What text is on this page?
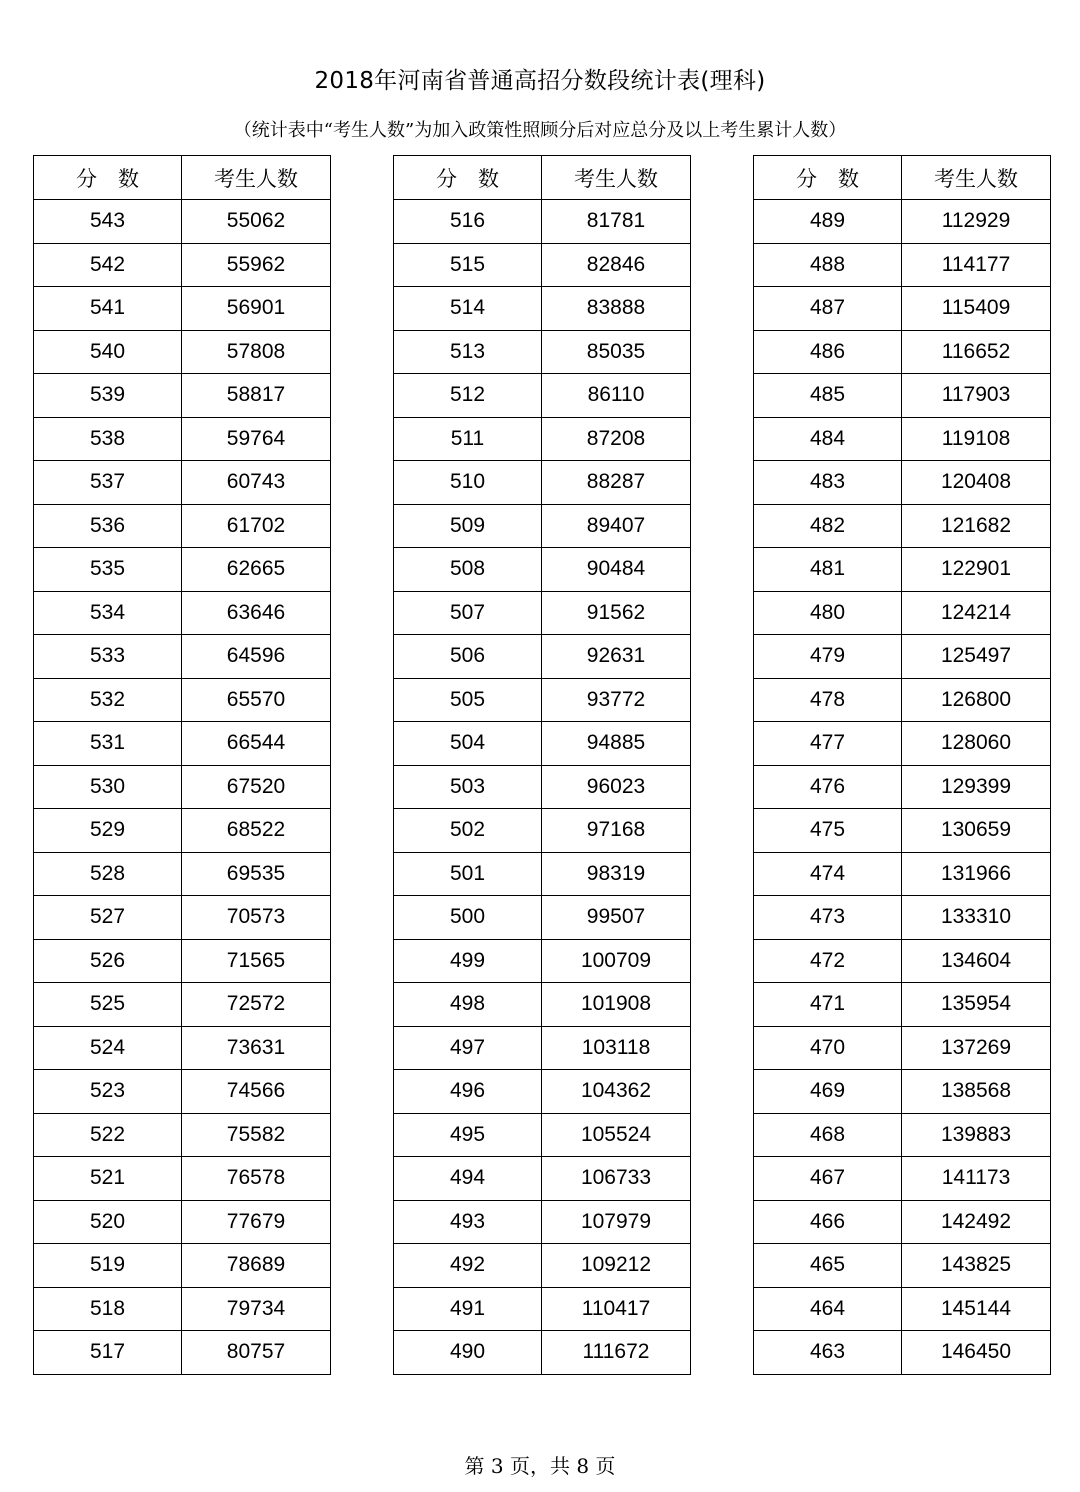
2018年河南省普通高招分数段统计表(理科)
（统计表中“考生人数”为加入政策性照顾分后对应总分及以上考生累计人数）
分　数	考生人数
543	55062
542	55962
541	56901
540	57808
539	58817
538	59764
537	60743
536	61702
535	62665
534	63646
533	64596
532	65570
531	66544
530	67520
529	68522
528	69535
527	70573
526	71565
525	72572
524	73631
523	74566
522	75582
521	76578
520	77679
519	78689
518	79734
517	80757
分　数	考生人数
516	81781
515	82846
514	83888
513	85035
512	86110
511	87208
510	88287
509	89407
508	90484
507	91562
506	92631
505	93772
504	94885
503	96023
502	97168
501	98319
500	99507
499	100709
498	101908
497	103118
496	104362
495	105524
494	106733
493	107979
492	109212
491	110417
490	111672
分　数	考生人数
489	112929
488	114177
487	115409
486	116652
485	117903
484	119108
483	120408
482	121682
481	122901
480	124214
479	125497
478	126800
477	128060
476	129399
475	130659
474	131966
473	133310
472	134604
471	135954
470	137269
469	138568
468	139883
467	141173
466	142492
465	143825
464	145144
463	146450
第 3 页，共 8 页
